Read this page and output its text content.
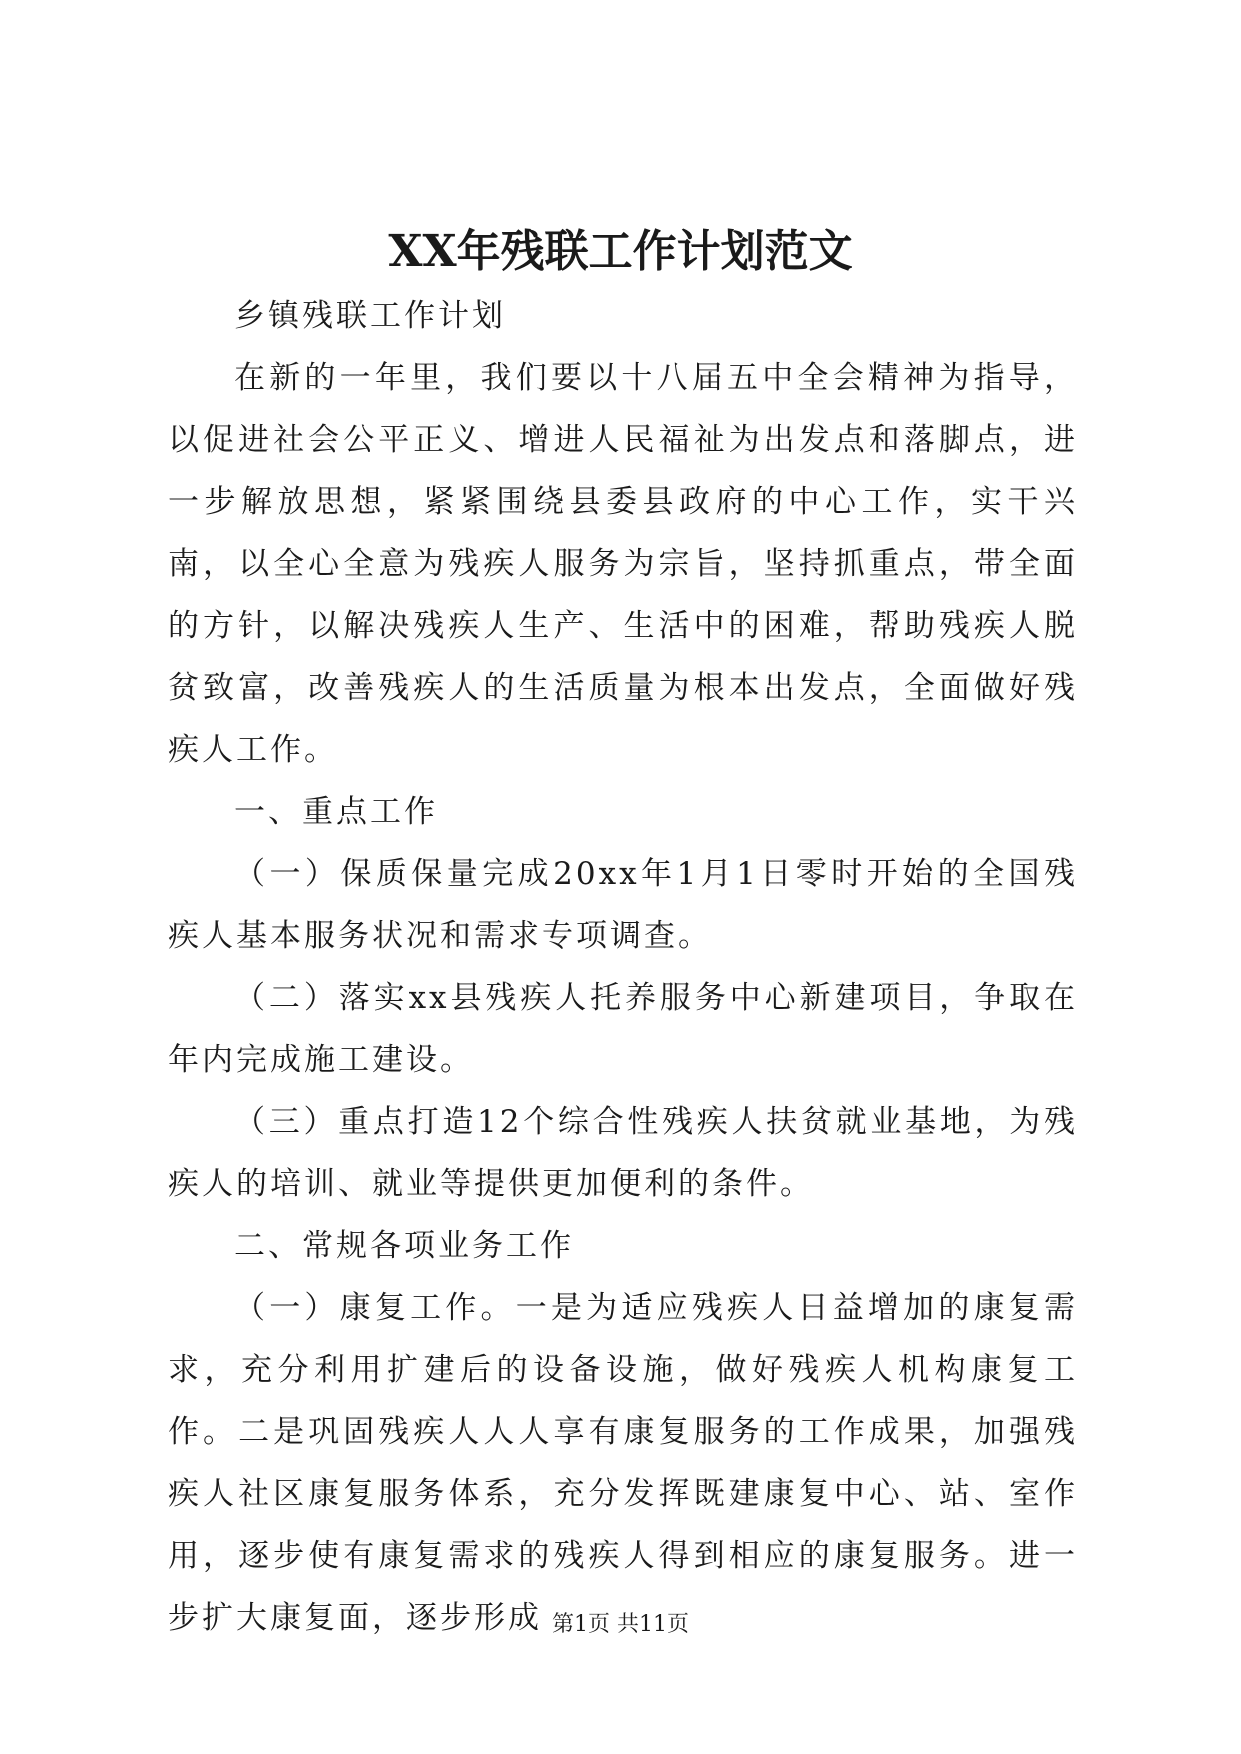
XX年残联工作计划范文

乡镇残联工作计划

在新的一年里，我们要以十八届五中全会精神为指导，以促进社会公平正义、增进人民福祉为出发点和落脚点，进一步解放思想，紧紧围绕县委县政府的中心工作，实干兴南，以全心全意为残疾人服务为宗旨，坚持抓重点，带全面的方针，以解决残疾人生产、生活中的困难，帮助残疾人脱贫致富，改善残疾人的生活质量为根本出发点，全面做好残疾人工作。

一、重点工作

（一）保质保量完成20xx年1月1日零时开始的全国残疾人基本服务状况和需求专项调查。

（二）落实xx县残疾人托养服务中心新建项目，争取在年内完成施工建设。

（三）重点打造12个综合性残疾人扶贫就业基地，为残疾人的培训、就业等提供更加便利的条件。

二、常规各项业务工作

（一）康复工作。一是为适应残疾人日益增加的康复需求，充分利用扩建后的设备设施，做好残疾人机构康复工作。二是巩固残疾人人人享有康复服务的工作成果，加强残疾人社区康复服务体系，充分发挥既建康复中心、站、室作用，逐步使有康复需求的残疾人得到相应的康复服务。进一步扩大康复面，逐步形成 第1页 共11页
